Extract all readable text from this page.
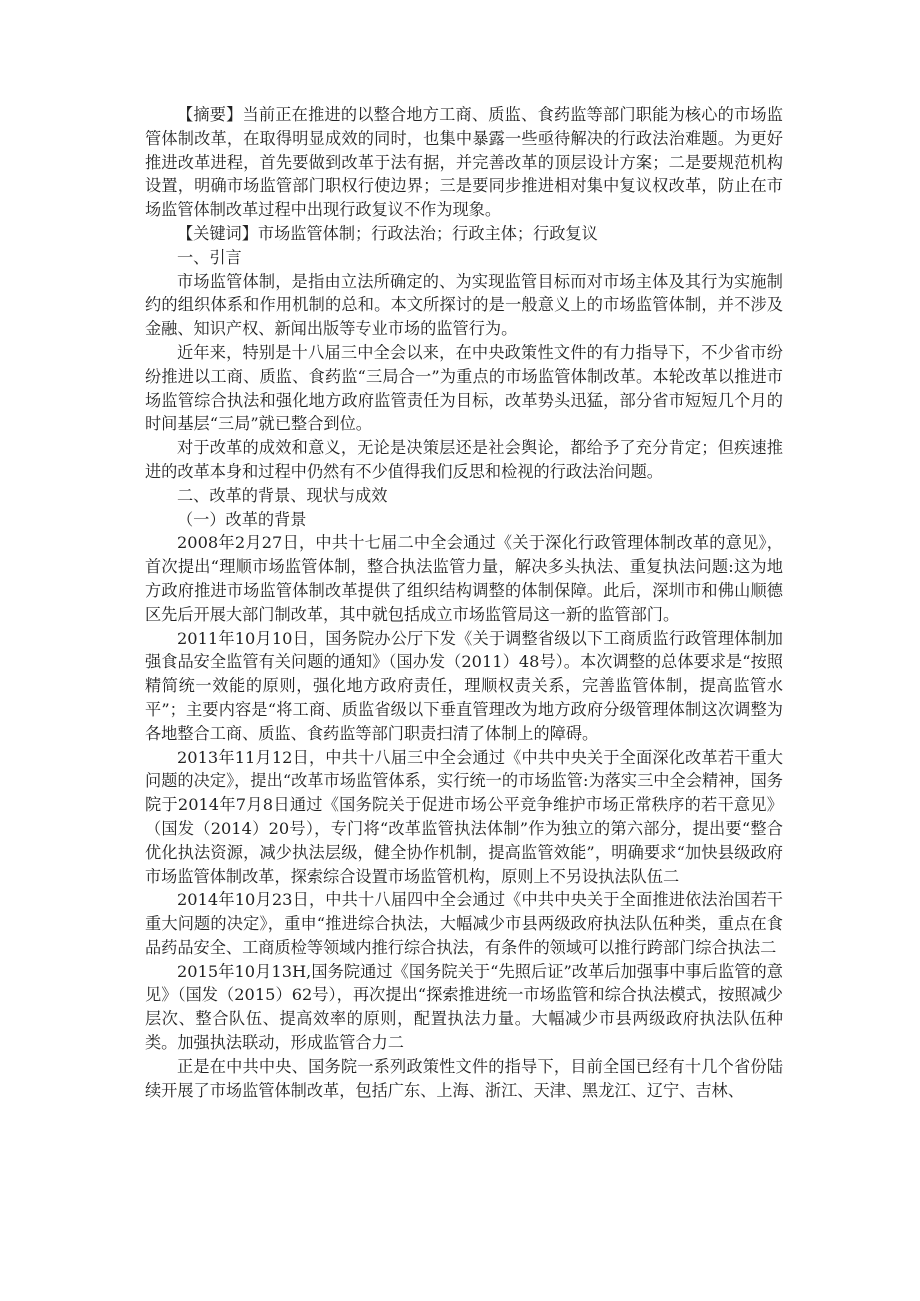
【摘要】当前正在推进的以整合地方工商、质监、食药监等部门职能为核心的市场监管体制改革，在取得明显成效的同时，也集中暴露一些亟待解决的行政法治难题。为更好推进改革进程，首先要做到改革于法有据，并完善改革的顶层设计方案；二是要规范机构设置，明确市场监管部门职权行使边界；三是要同步推进相对集中复议权改革，防止在市场监管体制改革过程中出现行政复议不作为现象。

【关键词】市场监管体制；行政法治；行政主体；行政复议

一、引言

市场监管体制，是指由立法所确定的、为实现监管目标而对市场主体及其行为实施制约的组织体系和作用机制的总和。本文所探讨的是一般意义上的市场监管体制，并不涉及金融、知识产权、新闻出版等专业市场的监管行为。

近年来，特别是十八届三中全会以来，在中央政策性文件的有力指导下，不少省市纷纷推进以工商、质监、食药监“三局合一”为重点的市场监管体制改革。本轮改革以推进市场监管综合执法和强化地方政府监管责任为目标，改革势头迅猛，部分省市短短几个月的时间基层“三局”就已整合到位。

对于改革的成效和意义，无论是决策层还是社会舆论，都给予了充分肯定；但疾速推进的改革本身和过程中仍然有不少值得我们反思和检视的行政法治问题。

二、改革的背景、现状与成效

（一）改革的背景

2008年2月27日，中共十七届二中全会通过《关于深化行政管理体制改革的意见》，首次提出“理顺市场监管体制，整合执法监管力量，解决多头执法、重复执法问题:这为地方政府推进市场监管体制改革提供了组织结构调整的体制保障。此后，深圳市和佛山顺德区先后开展大部门制改革，其中就包括成立市场监管局这一新的监管部门。

2011年10月10日，国务院办公厅下发《关于调整省级以下工商质监行政管理体制加强食品安全监管有关问题的通知》（国办发（2011）48号）。本次调整的总体要求是“按照精简统一效能的原则，强化地方政府责任，理顺权责关系，完善监管体制，提高监管水平”；主要内容是“将工商、质监省级以下垂直管理改为地方政府分级管理体制这次调整为各地整合工商、质监、食药监等部门职责扫清了体制上的障碍。

2013年11月12日，中共十八届三中全会通过《中共中央关于全面深化改革若干重大问题的决定》，提出“改革市场监管体系，实行统一的市场监管:为落实三中全会精神，国务院于2014年7月8日通过《国务院关于促进市场公平竞争维护市场正常秩序的若干意见》（国发（2014）20号），专门将“改革监管执法体制”作为独立的第六部分，提出要“整合优化执法资源，减少执法层级，健全协作机制，提高监管效能”，明确要求“加快县级政府市场监管体制改革，探索综合设置市场监管机构，原则上不另设执法队伍二

2014年10月23日，中共十八届四中全会通过《中共中央关于全面推进依法治国若干重大问题的决定》，重申“推进综合执法，大幅减少市县两级政府执法队伍种类，重点在食品药品安全、工商质检等领域内推行综合执法，有条件的领域可以推行跨部门综合执法二

2015年10月13H,国务院通过《国务院关于“先照后证”改革后加强事中事后监管的意见》（国发（2015）62号），再次提出“探索推进统一市场监管和综合执法模式，按照减少层次、整合队伍、提高效率的原则，配置执法力量。大幅减少市县两级政府执法队伍种类。加强执法联动，形成监管合力二

正是在中共中央、国务院一系列政策性文件的指导下，目前全国已经有十几个省份陆续开展了市场监管体制改革，包括广东、上海、浙江、天津、黑龙江、辽宁、吉林、
